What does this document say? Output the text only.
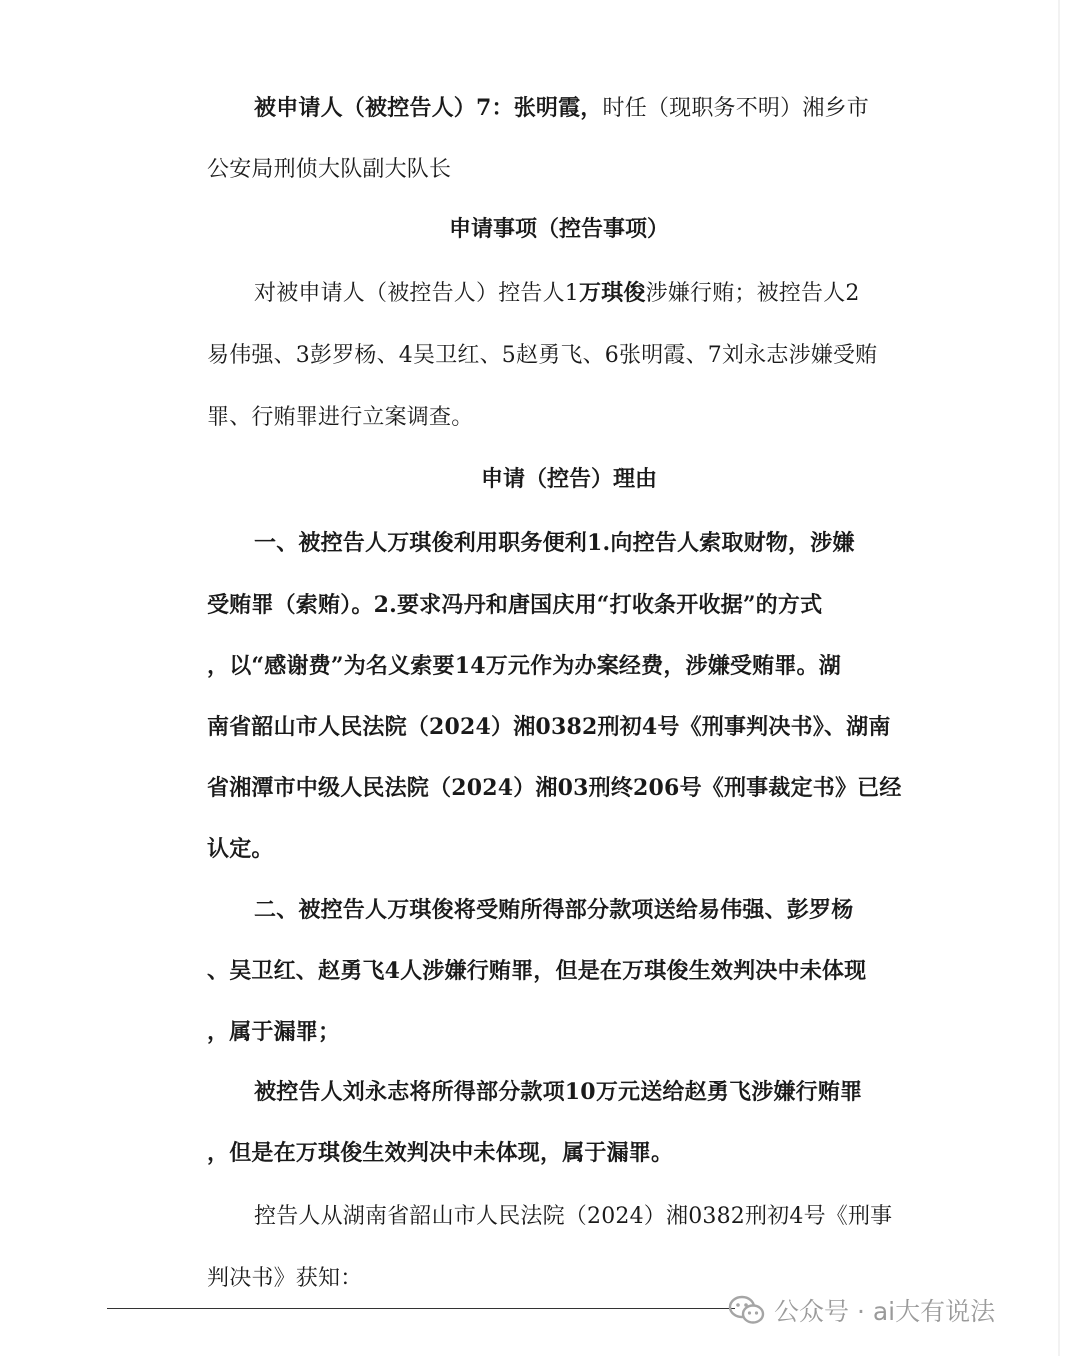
被申请人（被控告人）7：张明霞，时任（现职务不明）湘乡市
公安局刑侦大队副大队长
申请事项（控告事项）
对被申请人（被控告人）控告人1万琪俊涉嫌行贿；被控告人2
易伟强、3彭罗杨、4吴卫红、5赵勇飞、6张明霞、7刘永志涉嫌受贿
罪、行贿罪进行立案调查。
申请（控告）理由
一、被控告人万琪俊利用职务便利1.向控告人索取财物，涉嫌
受贿罪（索贿）。2.要求冯丹和唐国庆用“打收条开收据”的方式
，以“感谢费”为名义索要14万元作为办案经费，涉嫌受贿罪。湖
南省韶山市人民法院（2024）湘0382刑初4号《刑事判决书》、湖南
省湘潭市中级人民法院（2024）湘03刑终206号《刑事裁定书》已经
认定。
二、被控告人万琪俊将受贿所得部分款项送给易伟强、彭罗杨
、吴卫红、赵勇飞4人涉嫌行贿罪，但是在万琪俊生效判决中未体现
，属于漏罪；
被控告人刘永志将所得部分款项10万元送给赵勇飞涉嫌行贿罪
，但是在万琪俊生效判决中未体现，属于漏罪。
控告人从湖南省韶山市人民法院（2024）湘0382刑初4号《刑事
判决书》获知：
公众号 · ai大有说法
